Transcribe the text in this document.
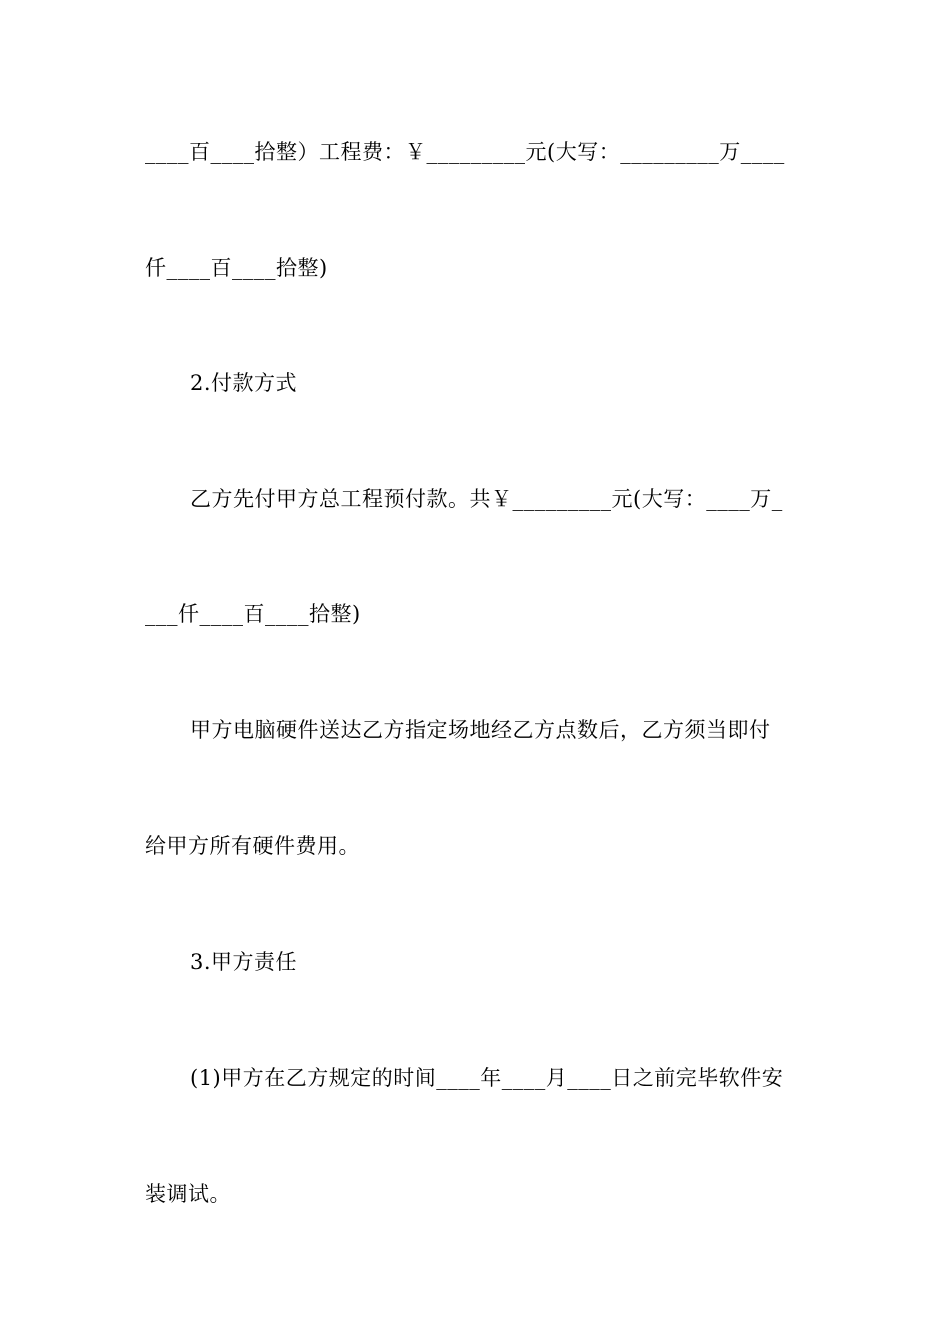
____百____拾整）工程费：￥_________元(大写：_________万____
仟____百____拾整)
2.付款方式
乙方先付甲方总工程预付款。共￥_________元(大写：____万_
___仟____百____拾整)
甲方电脑硬件送达乙方指定场地经乙方点数后，乙方须当即付
给甲方所有硬件费用。
3.甲方责任
(1)甲方在乙方规定的时间____年____月____日之前完毕软件安
装调试。
